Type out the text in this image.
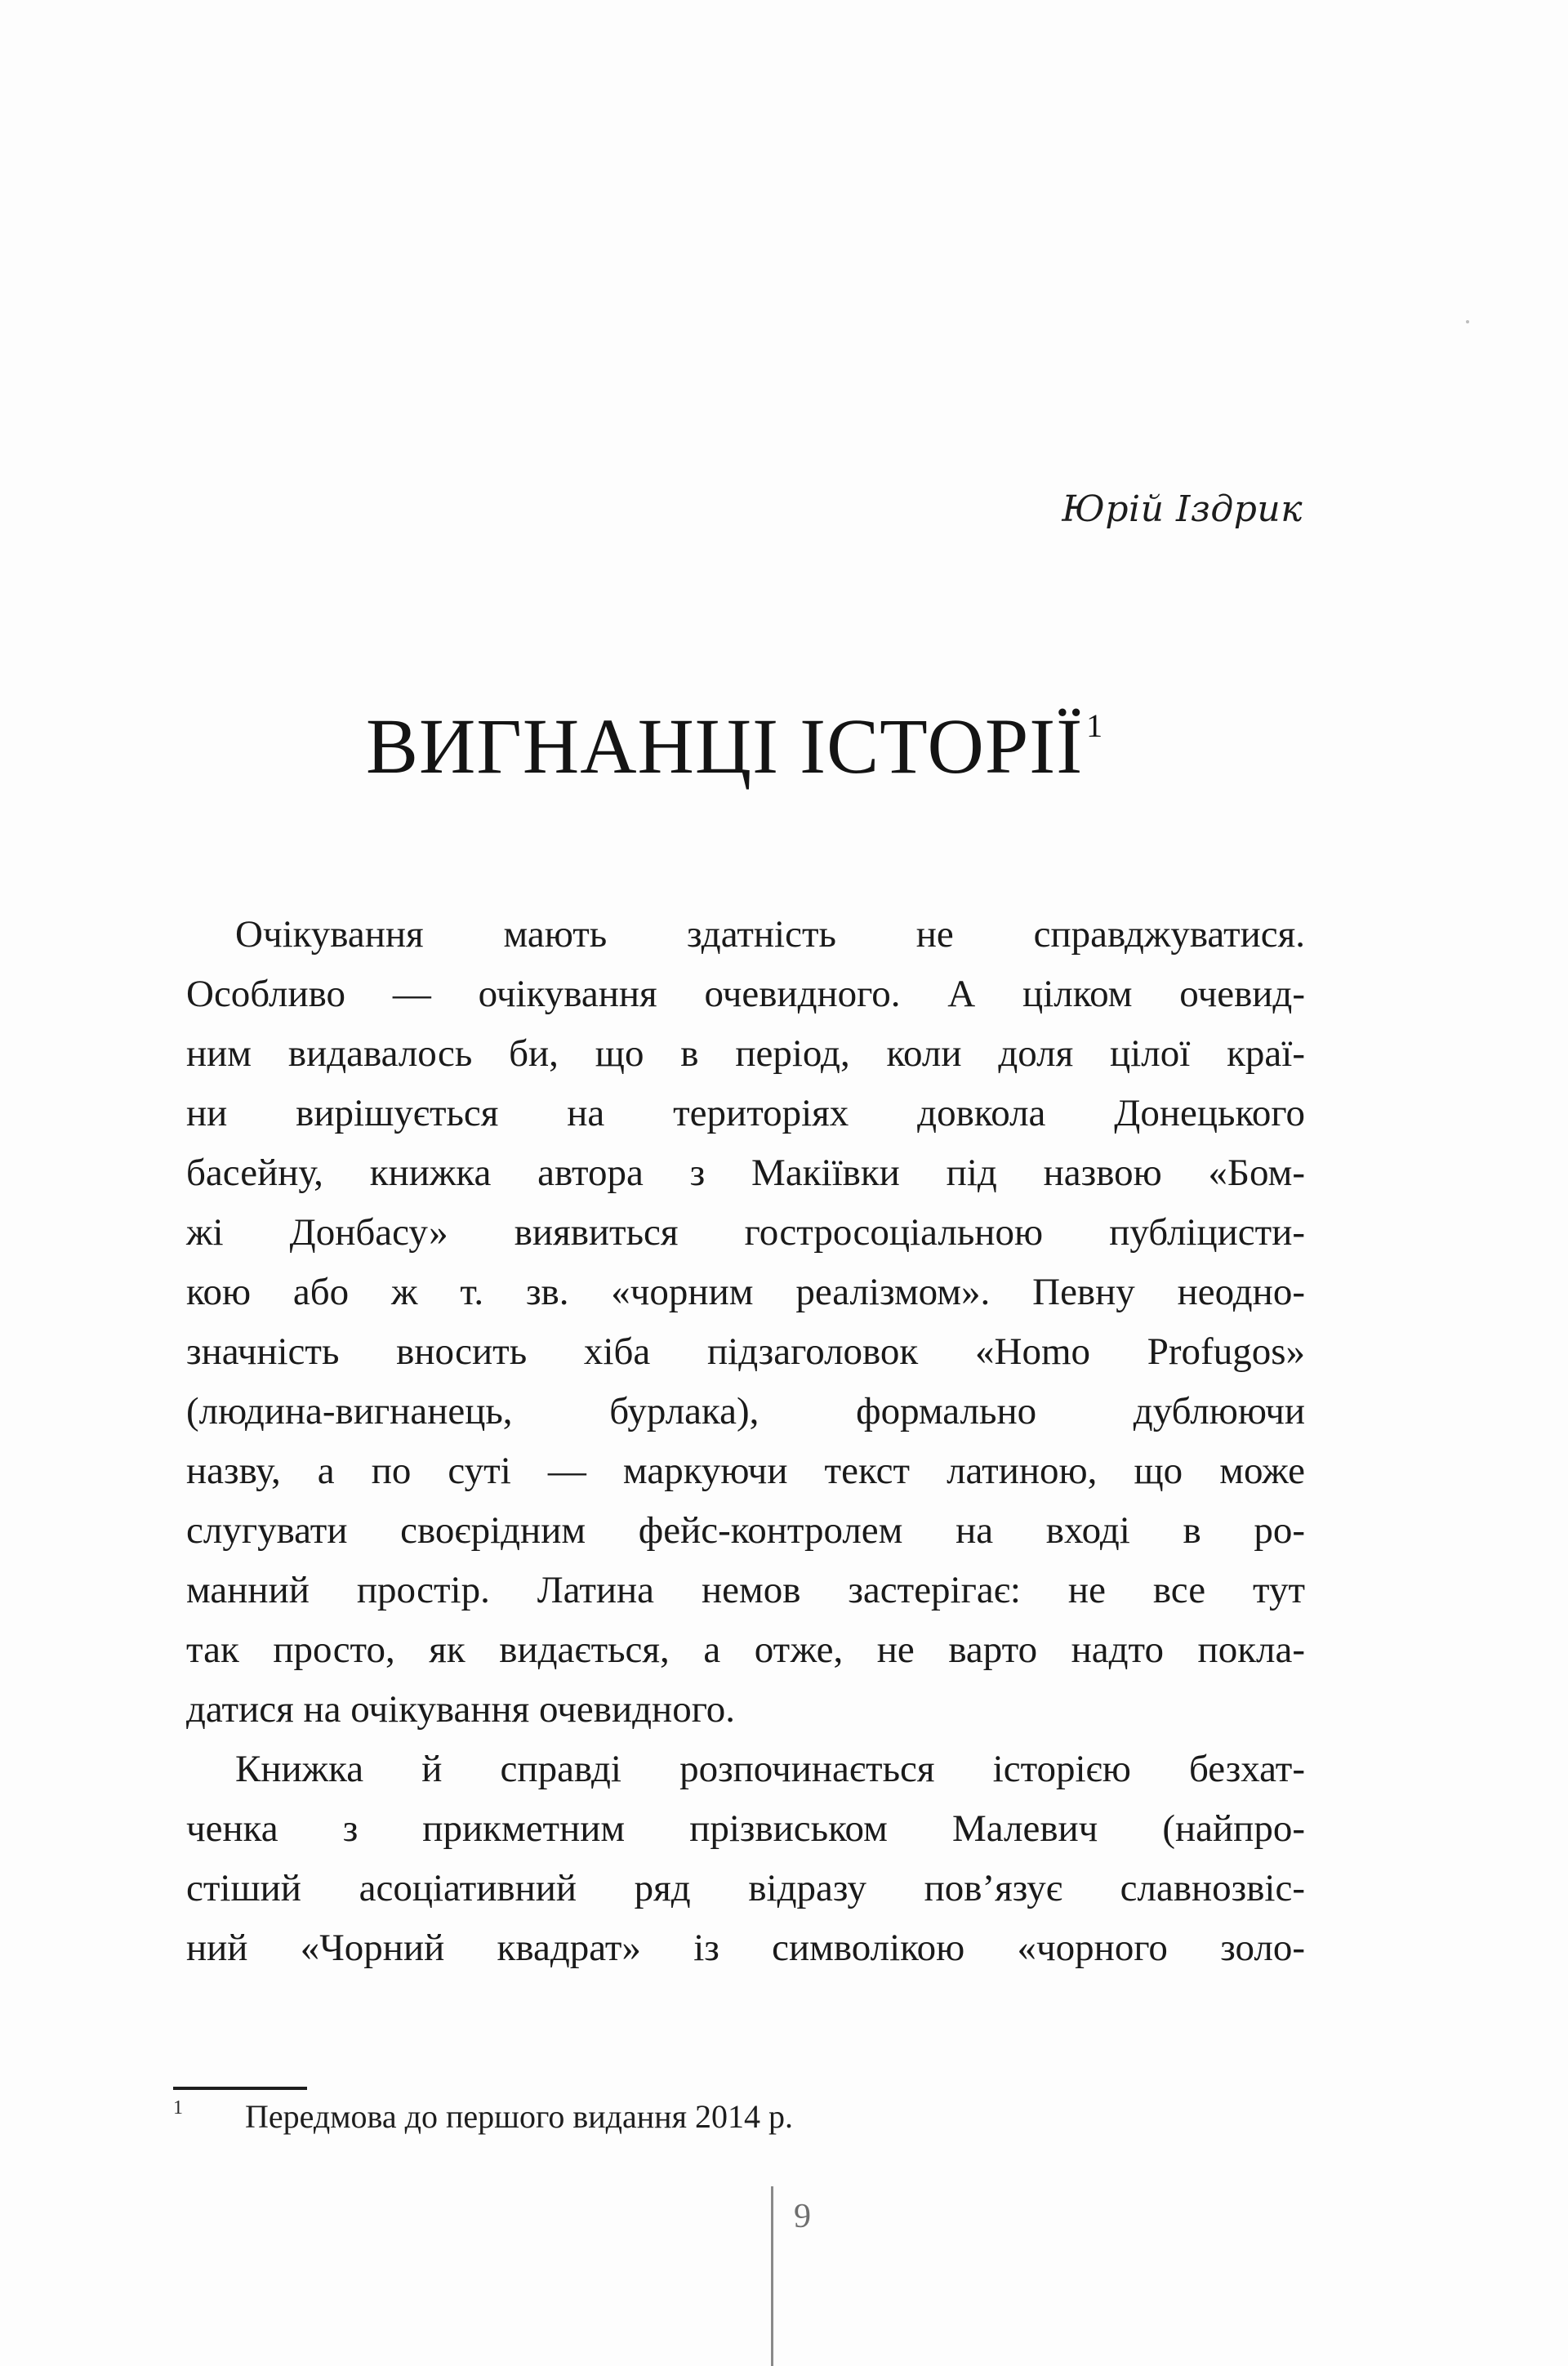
Юрій Іздрик
ВИГНАНЦІ ІСТОРІЇ $^1$
Очікування мають здатність не справджуватися.
Особливо — очікування очевидного. А цілком очевид-
ним видавалось би, що в період, коли доля цілої краї-
ни вирішується на територіях довкола Донецького
басейну, книжка автора з Макіївки під назвою «Бом-
жі Донбасу» виявиться гостросоціальною публіцисти-
кою або ж т. зв. «чорним реалізмом». Певну неодно-
значність вносить хіба підзаголовок «Homo Profugos»
(людина-вигнанець, бурлака), формально дублюючи
назву, а по суті — маркуючи текст латиною, що може
слугувати своєрідним фейс-контролем на вході в ро-
манний простір. Латина немов застерігає: не все тут
так просто, як видається, а отже, не варто надто покла-
датися на очікування очевидного.
Книжка й справді розпочинається історією безхат-
ченка з прикметним прізвиськом Малевич (найпро-
стіший асоціативний ряд відразу пов’язує славнозвіс-
ний «Чорний квадрат» із символікою «чорного золо-
1 Передмова до першого видання 2014 р.
9
